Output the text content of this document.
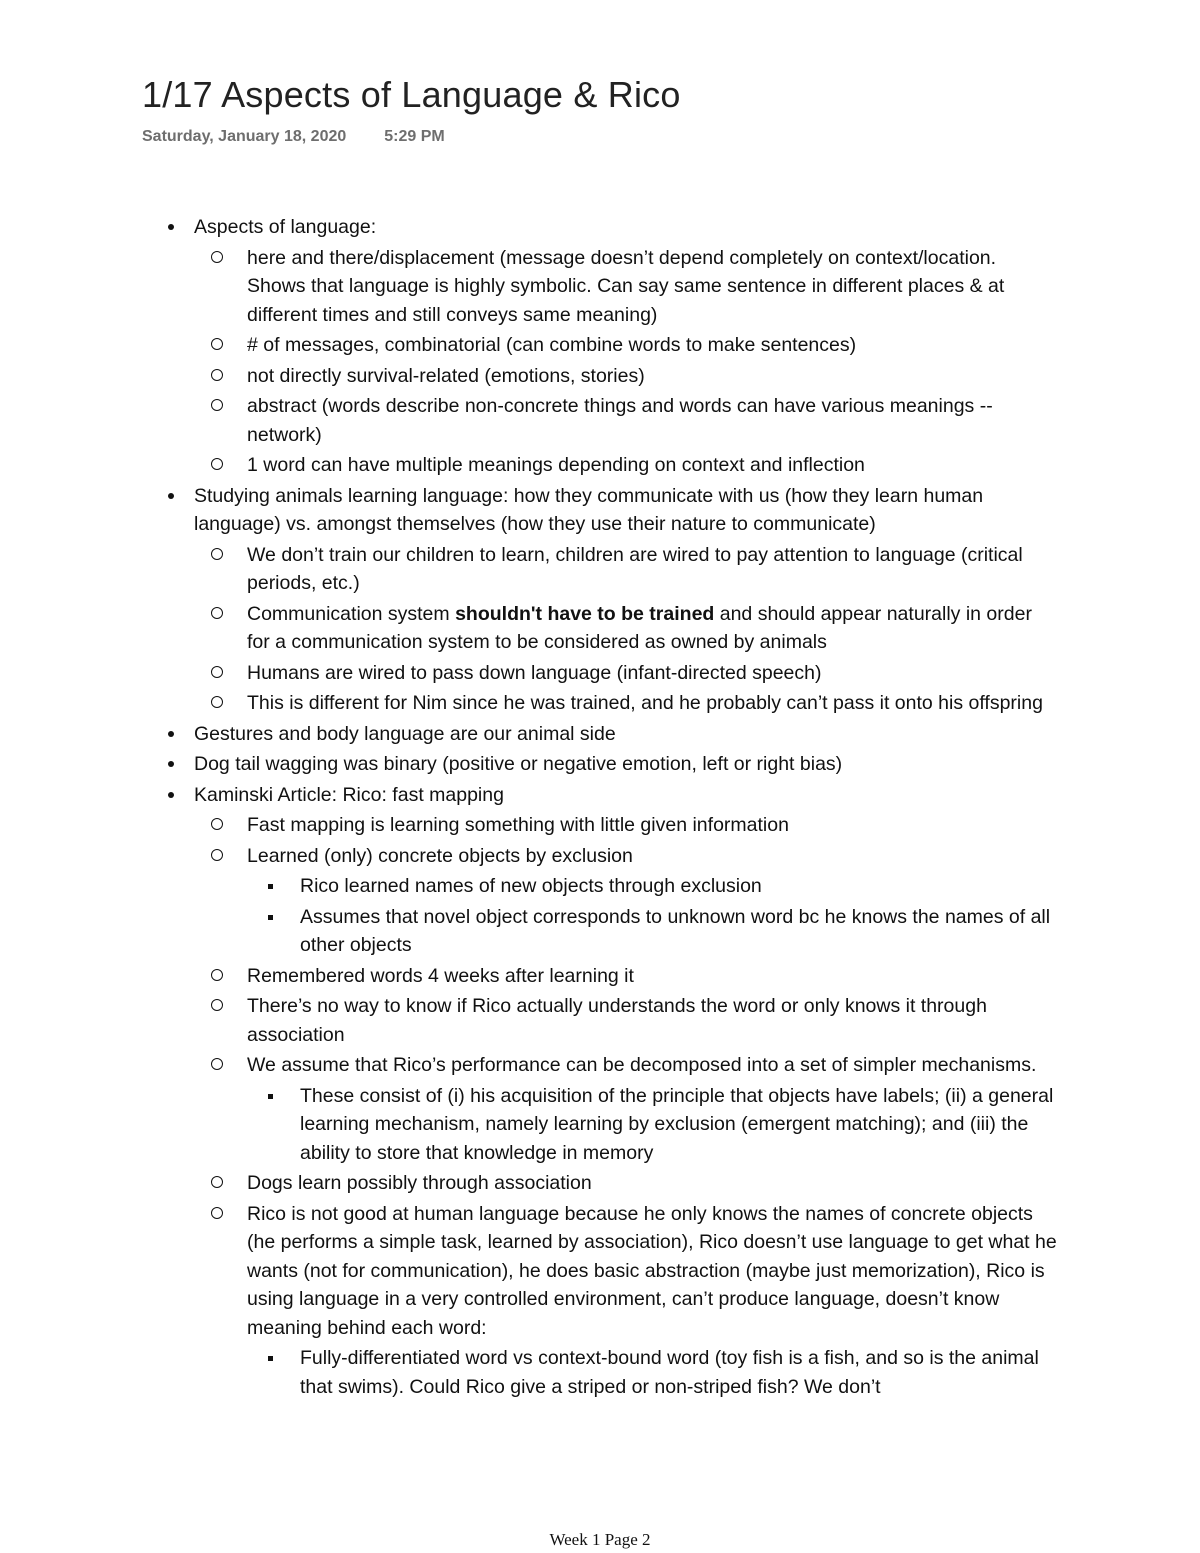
1/17 Aspects of Language & Rico
Saturday, January 18, 2020 5:29 PM
Aspects of language:
here and there/displacement (message doesn’t depend completely on context/location. Shows that language is highly symbolic. Can say same sentence in different places & at different times and still conveys same meaning)
# of messages, combinatorial (can combine words to make sentences)
not directly survival-related (emotions, stories)
abstract (words describe non-concrete things and words can have various meanings -- network)
1 word can have multiple meanings depending on context and inflection
Studying animals learning language: how they communicate with us (how they learn human language) vs. amongst themselves (how they use their nature to communicate)
We don’t train our children to learn, children are wired to pay attention to language (critical periods, etc.)
Communication system shouldn't have to be trained and should appear naturally in order for a communication system to be considered as owned by animals
Humans are wired to pass down language (infant-directed speech)
This is different for Nim since he was trained, and he probably can’t pass it onto his offspring
Gestures and body language are our animal side
Dog tail wagging was binary (positive or negative emotion, left or right bias)
Kaminski Article: Rico: fast mapping
Fast mapping is learning something with little given information
Learned (only) concrete objects by exclusion
Rico learned names of new objects through exclusion
Assumes that novel object corresponds to unknown word bc he knows the names of all other objects
Remembered words 4 weeks after learning it
There’s no way to know if Rico actually understands the word or only knows it through association
We assume that Rico’s performance can be decomposed into a set of simpler mechanisms.
These consist of (i) his acquisition of the principle that objects have labels; (ii) a general learning mechanism, namely learning by exclusion (emergent matching); and (iii) the ability to store that knowledge in memory
Dogs learn possibly through association
Rico is not good at human language because he only knows the names of concrete objects (he performs a simple task, learned by association), Rico doesn’t use language to get what he wants (not for communication), he does basic abstraction (maybe just memorization), Rico is using language in a very controlled environment, can’t produce language, doesn’t know meaning behind each word:
Fully-differentiated word vs context-bound word (toy fish is a fish, and so is the animal that swims). Could Rico give a striped or non-striped fish? We don’t
Week 1 Page 2
